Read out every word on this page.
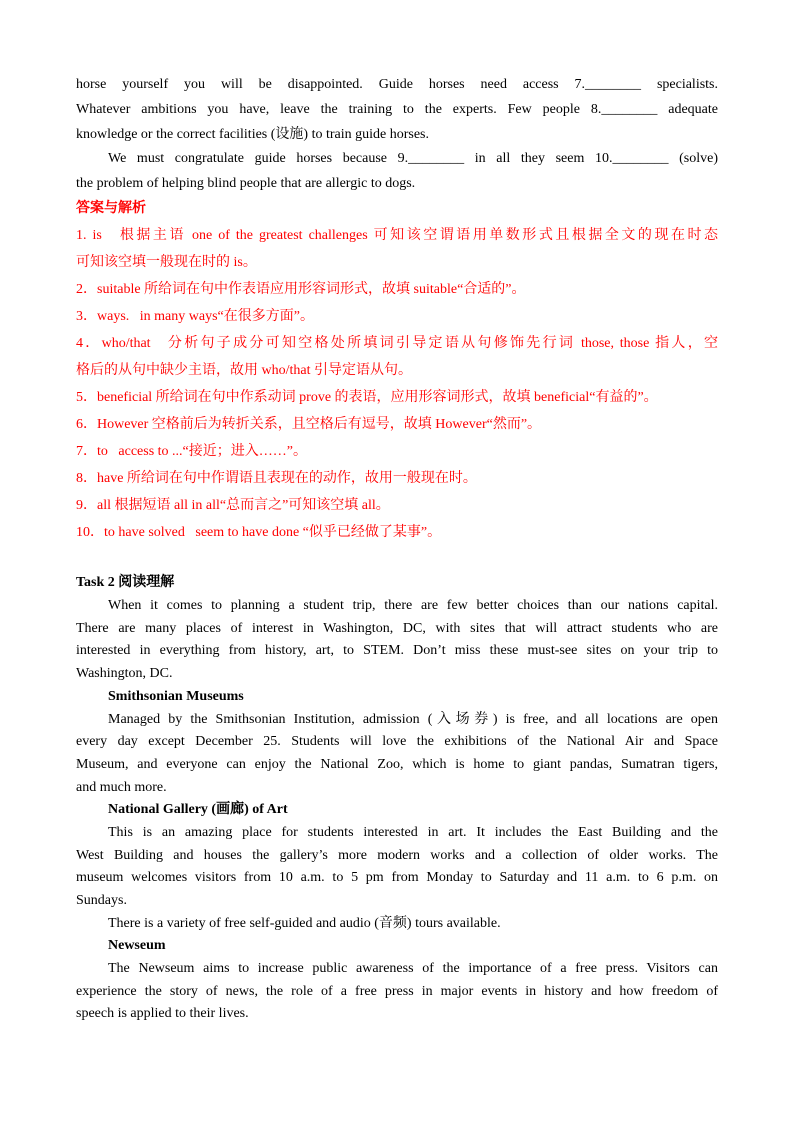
horse yourself you will be disappointed. Guide horses need access 7.________ specialists.
Whatever ambitions you have, leave the training to the experts. Few people 8.________ adequate
knowledge or the correct facilities (设施) to train guide horses.
We must congratulate guide horses because 9.________ in all they seem 10.________ (solve)
the problem of helping blind people that are allergic to dogs.
答案与解析
1. is   根据主语 one of the greatest challenges 可知该空谓语用单数形式且根据全文的现在时态
可知该空填一般现在时的 is。
2．suitable 所给词在句中作表语应用形容词形式，故填 suitable“合适的”。
3．ways.   in many ways“在很多方面”。
4．who/that   分析句子成分可知空格处所填词引导定语从句修饰先行词 those, those 指人，空
格后的从句中缺少主语，故用 who/that 引导定语从句。
5．beneficial 所给词在句中作系动词 prove 的表语，应用形容词形式，故填 beneficial“有益的”。
6．However 空格前后为转折关系，且空格后有逗号，故填 However“然而”。
7．to   access to ...“接近；进入……”。
8．have 所给词在句中作谓语且表现在的动作，故用一般现在时。
9．all 根据短语 all in all“总而言之”可知该空填 all。
10．to have solved   seem to have done “似乎已经做了某事”。
Task 2 阅读理解
When it comes to planning a student trip, there are few better choices than our nations capital.
There are many places of interest in Washington, DC, with sites that will attract students who are
interested in everything from history, art, to STEM. Don’t miss these must-see sites on your trip to
Washington, DC.
Smithsonian Museums
Managed by the Smithsonian Institution, admission (入场券) is free, and all locations are open
every day except December 25. Students will love the exhibitions of the National Air and Space
Museum, and everyone can enjoy the National Zoo, which is home to giant pandas, Sumatran tigers,
and much more.
National Gallery (画廊) of Art
This is an amazing place for students interested in art. It includes the East Building and the
West Building and houses the gallery’s more modern works and a collection of older works. The
museum welcomes visitors from 10 a.m. to 5 pm from Monday to Saturday and 11 a.m. to 6 p.m. on
Sundays.
There is a variety of free self-guided and audio (音频) tours available.
Newseum
The Newseum aims to increase public awareness of the importance of a free press. Visitors can
experience the story of news, the role of a free press in major events in history and how freedom of
speech is applied to their lives.
